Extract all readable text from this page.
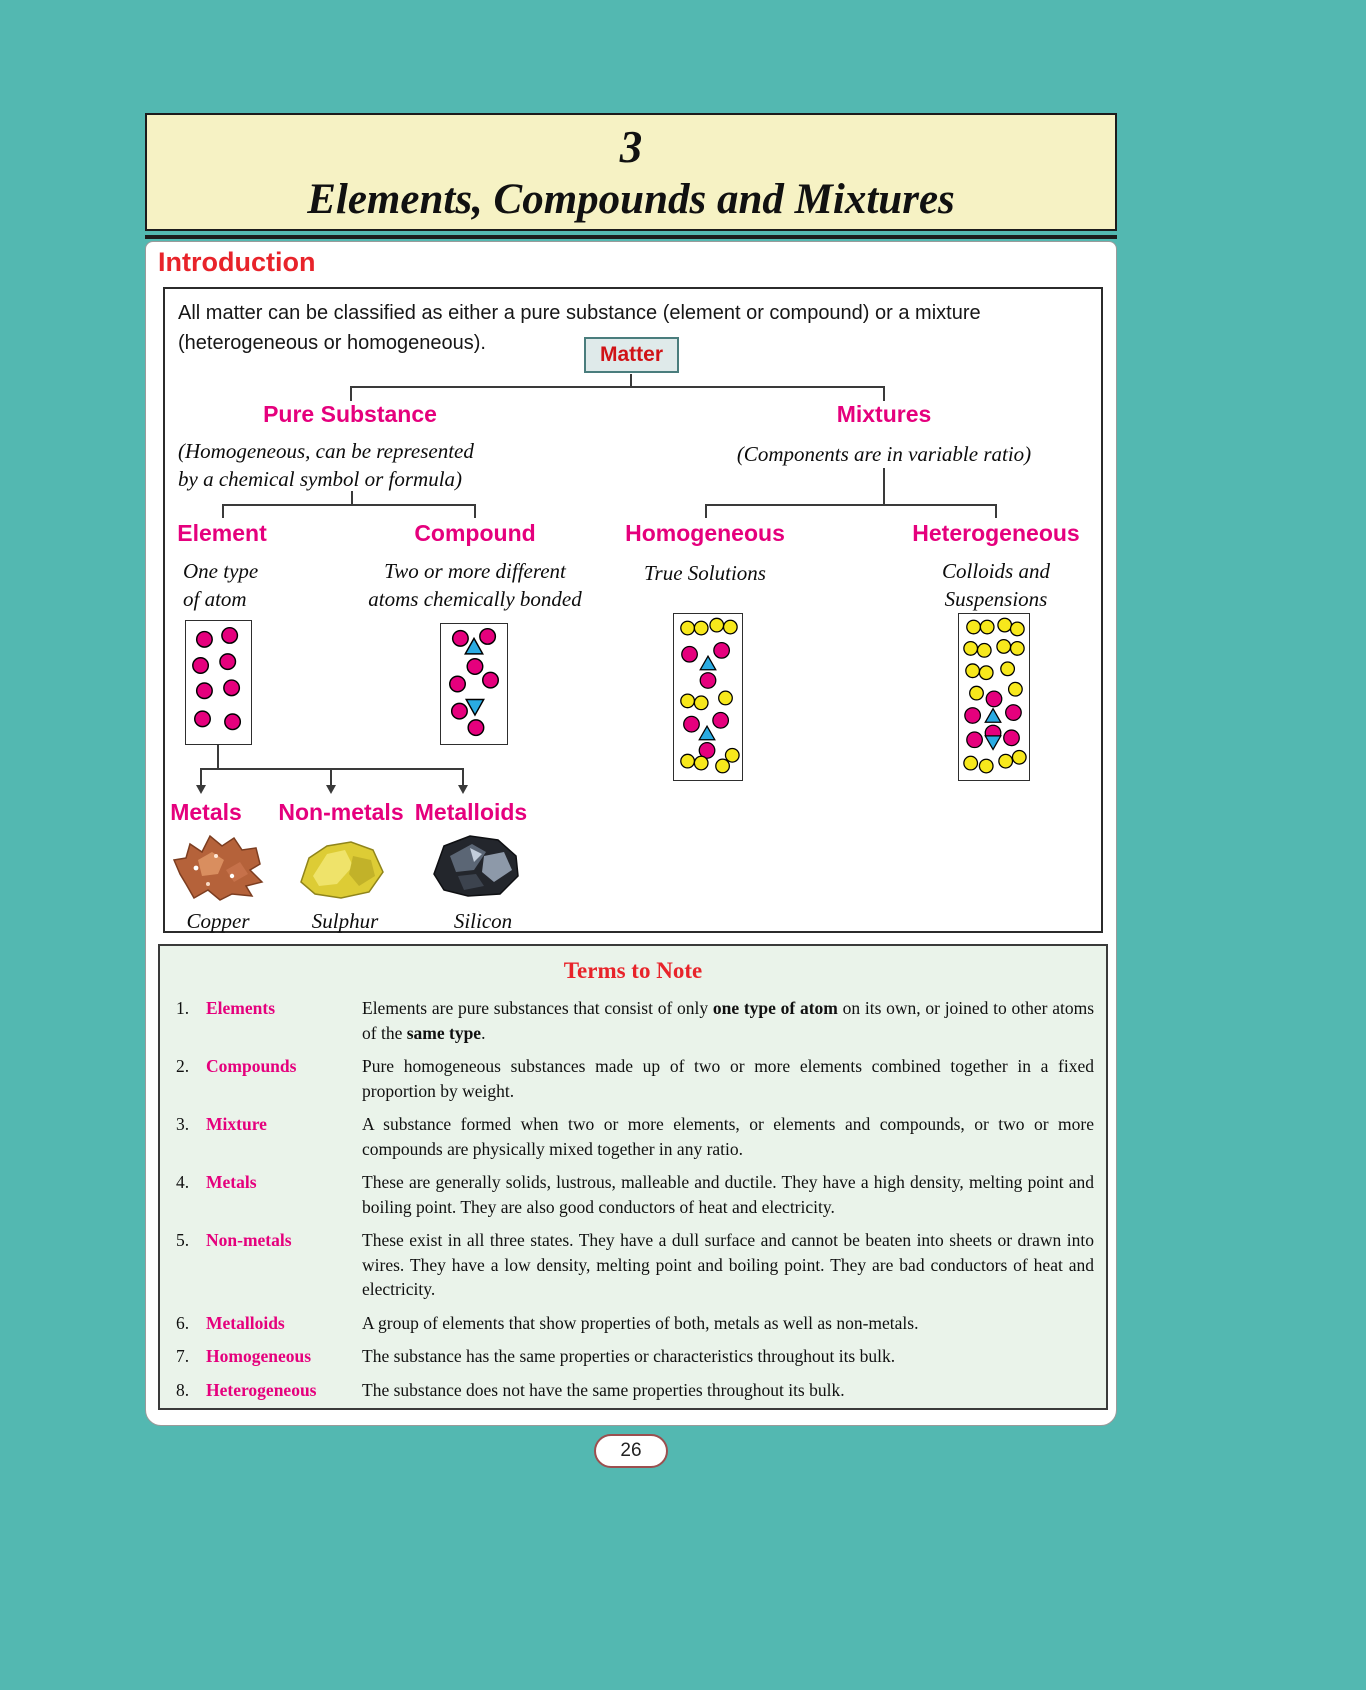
3
Elements, Compounds and Mixtures
Introduction
All matter can be classified as either a pure substance (element or compound) or a mixture (heterogeneous or homogeneous).	Matter
Pure Substance
(Homogeneous, can be represented
by a chemical symbol or formula)
Mixtures
(Components are in variable ratio)
Element	Compound	Homogeneous	Heterogeneous
One type
of atom
Two or more different
atoms chemically bonded
True Solutions	Colloids and
Suspensions
Metals	Non-metals Metalloids
Copper	Sulphur	Silicon
Terms to Note
1. Elements	Elements are pure substances that consist of only one type of atom on its own, or joined to other atoms of the same type.
2. Compounds	Pure homogeneous substances made up of two or more elements combined together in a fixed proportion by weight.
3. Mixture	A substance formed when two or more elements, or elements and compounds, or two or more compounds are physically mixed together in any ratio.
4. Metals	These are generally solids, lustrous, malleable and ductile. They have a high density, melting point and boiling point. They are also good conductors of heat and electricity.
5. Non-metals	These exist in all three states. They have a dull surface and cannot be beaten into sheets or drawn into wires. They have a low density, melting point and boiling point. They are bad conductors of heat and electricity.
6. Metalloids	A group of elements that show properties of both, metals as well as non-metals.
7. Homogeneous	The substance has the same properties or characteristics throughout its bulk.
8. Heterogeneous	The substance does not have the same properties throughout its bulk.
26
